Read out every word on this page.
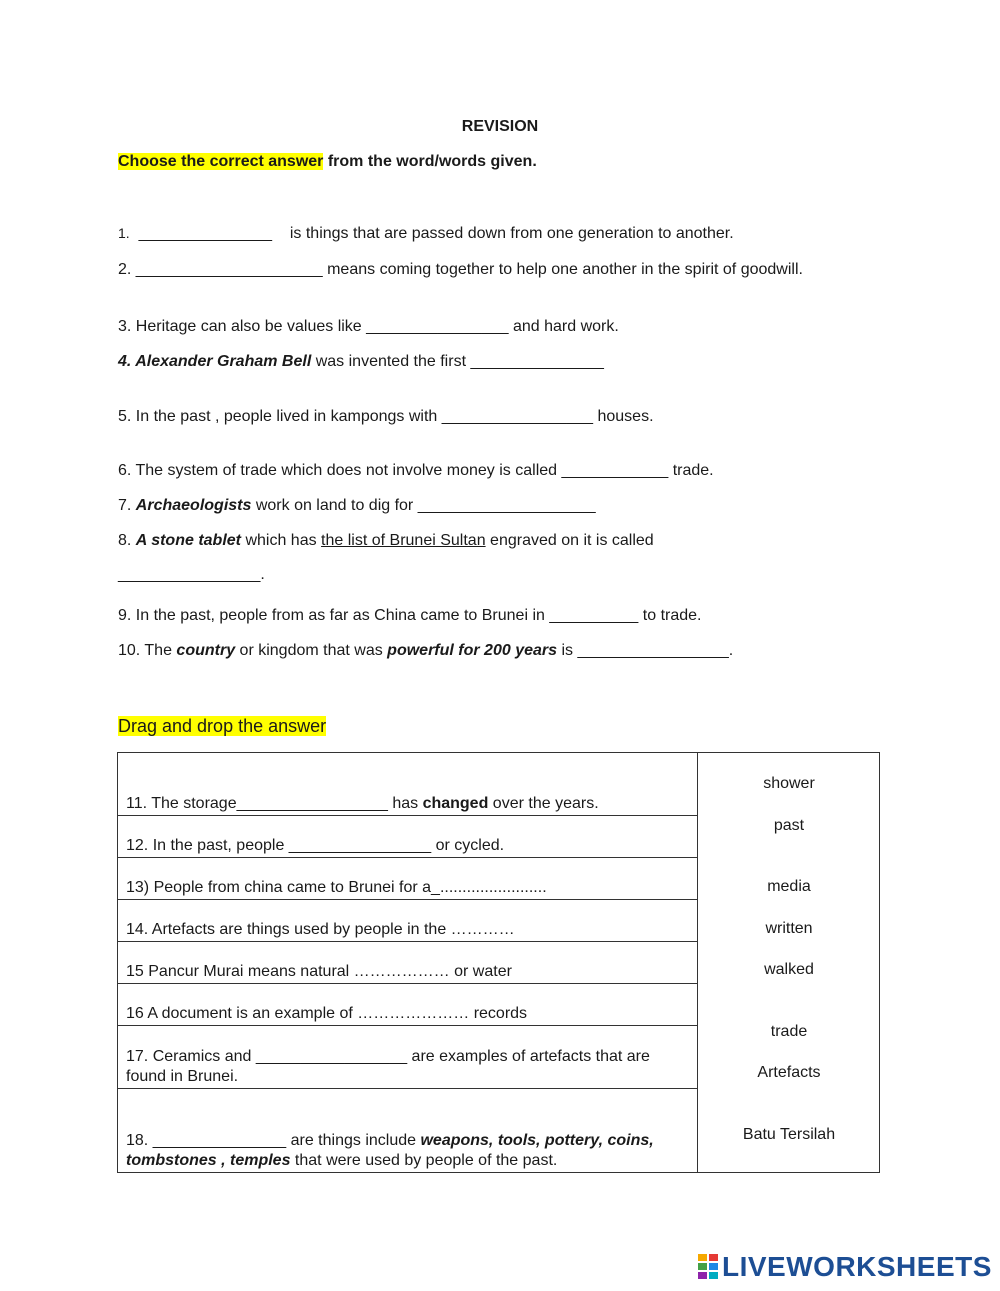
REVISION
Choose the correct answer from the word/words given.
1. _______________ is things that are passed down from one generation to another.
2. _____________________ means coming together to help one another in the spirit of goodwill.
3. Heritage can also be values like ________________ and hard work.
4. Alexander Graham Bell was invented the first _______________
5. In the past , people lived in kampongs with _________________ houses.
6. The system of trade which does not involve money is called ____________ trade.
7. Archaeologists work on land to dig for ____________________
8. A stone tablet which has the list of Brunei Sultan engraved on it is called
________________.
9. In the past, people from as far as China came to Brunei in __________ to trade.
10. The country or kingdom that was powerful for 200 years is _________________.
Drag and drop the answer
11. The storage_________________ has changed over the years.	
shower
past
media
written
walked
trade
Artefacts
Batu Tersilah

12. In the past, people ________________ or cycled.
13) People from china came to Brunei for a_........................
14. Artefacts are things used by people in the …………
15 Pancur Murai means natural ……………… or water
16 A document is an example of ………………… records
17. Ceramics and _________________ are examples of artefacts that are found in Brunei.
18. _______________ are things include weapons, tools, pottery, coins, tombstones , temples that were used by people of the past.
LIVEWORKSHEETS
